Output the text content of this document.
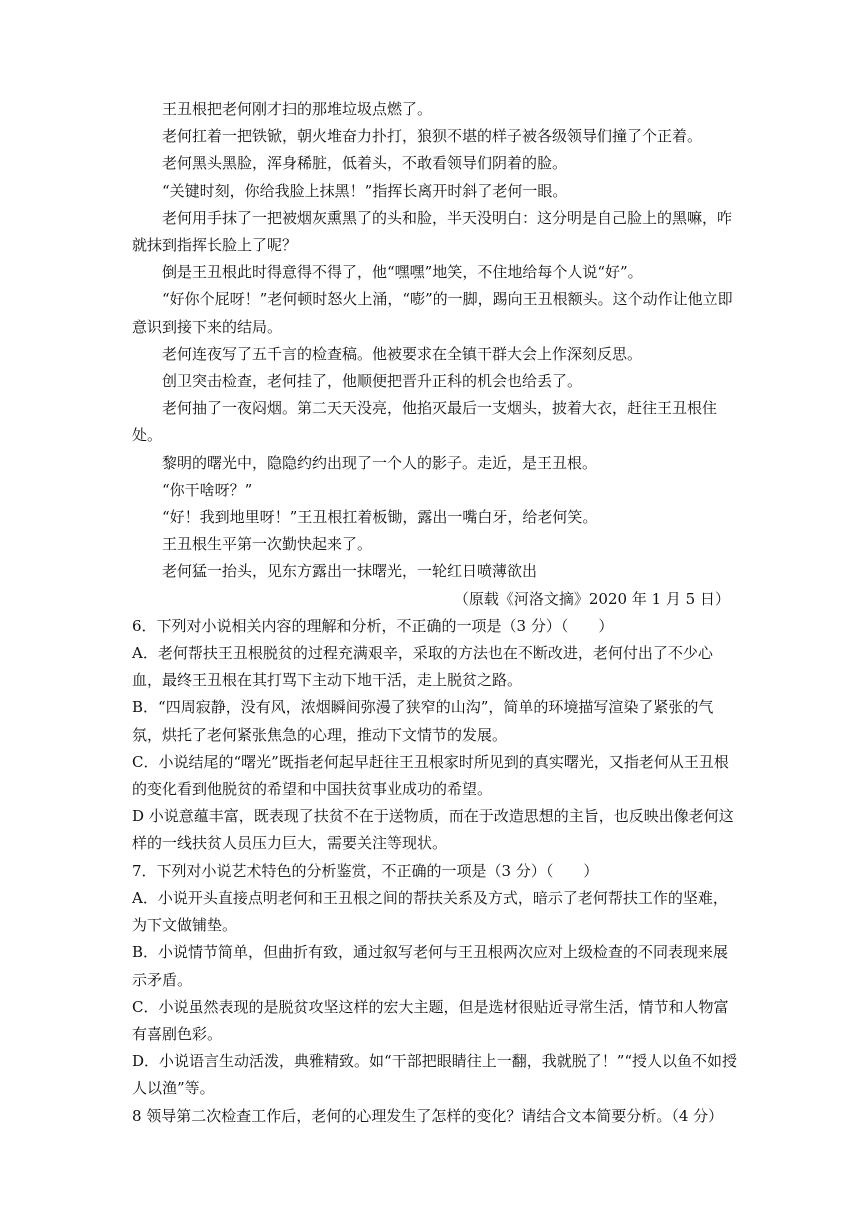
王丑根把老何刚才扫的那堆垃圾点燃了。

老何扛着一把铁锨，朝火堆奋力扑打，狼狈不堪的样子被各级领导们撞了个正着。

老何黑头黑脸，浑身稀脏，低着头，不敢看领导们阴着的脸。

“关键时刻，你给我脸上抹黑！”指挥长离开时斜了老何一眼。

老何用手抹了一把被烟灰熏黑了的头和脸，半天没明白：这分明是自己脸上的黑嘛，咋就抹到指挥长脸上了呢？

倒是王丑根此时得意得不得了，他“嘿嘿”地笑，不住地给每个人说“好”。

“好你个屁呀！”老何顿时怒火上涌，“嘭”的一脚，踢向王丑根额头。这个动作让他立即意识到接下来的结局。

老何连夜写了五千言的检查稿。他被要求在全镇干群大会上作深刻反思。

创卫突击检查，老何挂了，他顺便把晋升正科的机会也给丢了。

老何抽了一夜闷烟。第二天天没亮，他掐灭最后一支烟头，披着大衣，赶往王丑根住处。

黎明的曙光中，隐隐约约出现了一个人的影子。走近，是王丑根。

“你干啥呀？”

“好！我到地里呀！”王丑根扛着板锄，露出一嘴白牙，给老何笑。

王丑根生平第一次勤快起来了。

老何猛一抬头，见东方露出一抹曙光，一轮红日喷薄欲出

（原载《河洛文摘》2020 年 1 月 5 日）

6．下列对小说相关内容的理解和分析，不正确的一项是（3 分）（　　）

A．老何帮扶王丑根脱贫的过程充满艰辛，采取的方法也在不断改进，老何付出了不少心血，最终王丑根在其打骂下主动下地干活，走上脱贫之路。

B．“四周寂静，没有风，浓烟瞬间弥漫了狭窄的山沟”，简单的环境描写渲染了紧张的气氛，烘托了老何紧张焦急的心理，推动下文情节的发展。

C．小说结尾的“曙光”既指老何起早赶往王丑根家时所见到的真实曙光，又指老何从王丑根的变化看到他脱贫的希望和中国扶贫事业成功的希望。

D 小说意蕴丰富，既表现了扶贫不在于送物质，而在于改造思想的主旨，也反映出像老何这样的一线扶贫人员压力巨大，需要关注等现状。

7．下列对小说艺术特色的分析鉴赏，不正确的一项是（3 分）（　　）

A．小说开头直接点明老何和王丑根之间的帮扶关系及方式，暗示了老何帮扶工作的坚难，为下文做铺垫。

B．小说情节简单，但曲折有致，通过叙写老何与王丑根两次应对上级检查的不同表现来展示矛盾。

C．小说虽然表现的是脱贫攻坚这样的宏大主题，但是选材很贴近寻常生活，情节和人物富有喜剧色彩。

D．小说语言生动活泼，典雅精致。如“干部把眼睛往上一翻，我就脱了！”“授人以鱼不如授人以渔”等。

8 领导第二次检查工作后，老何的心理发生了怎样的变化？请结合文本简要分析。（4 分）
